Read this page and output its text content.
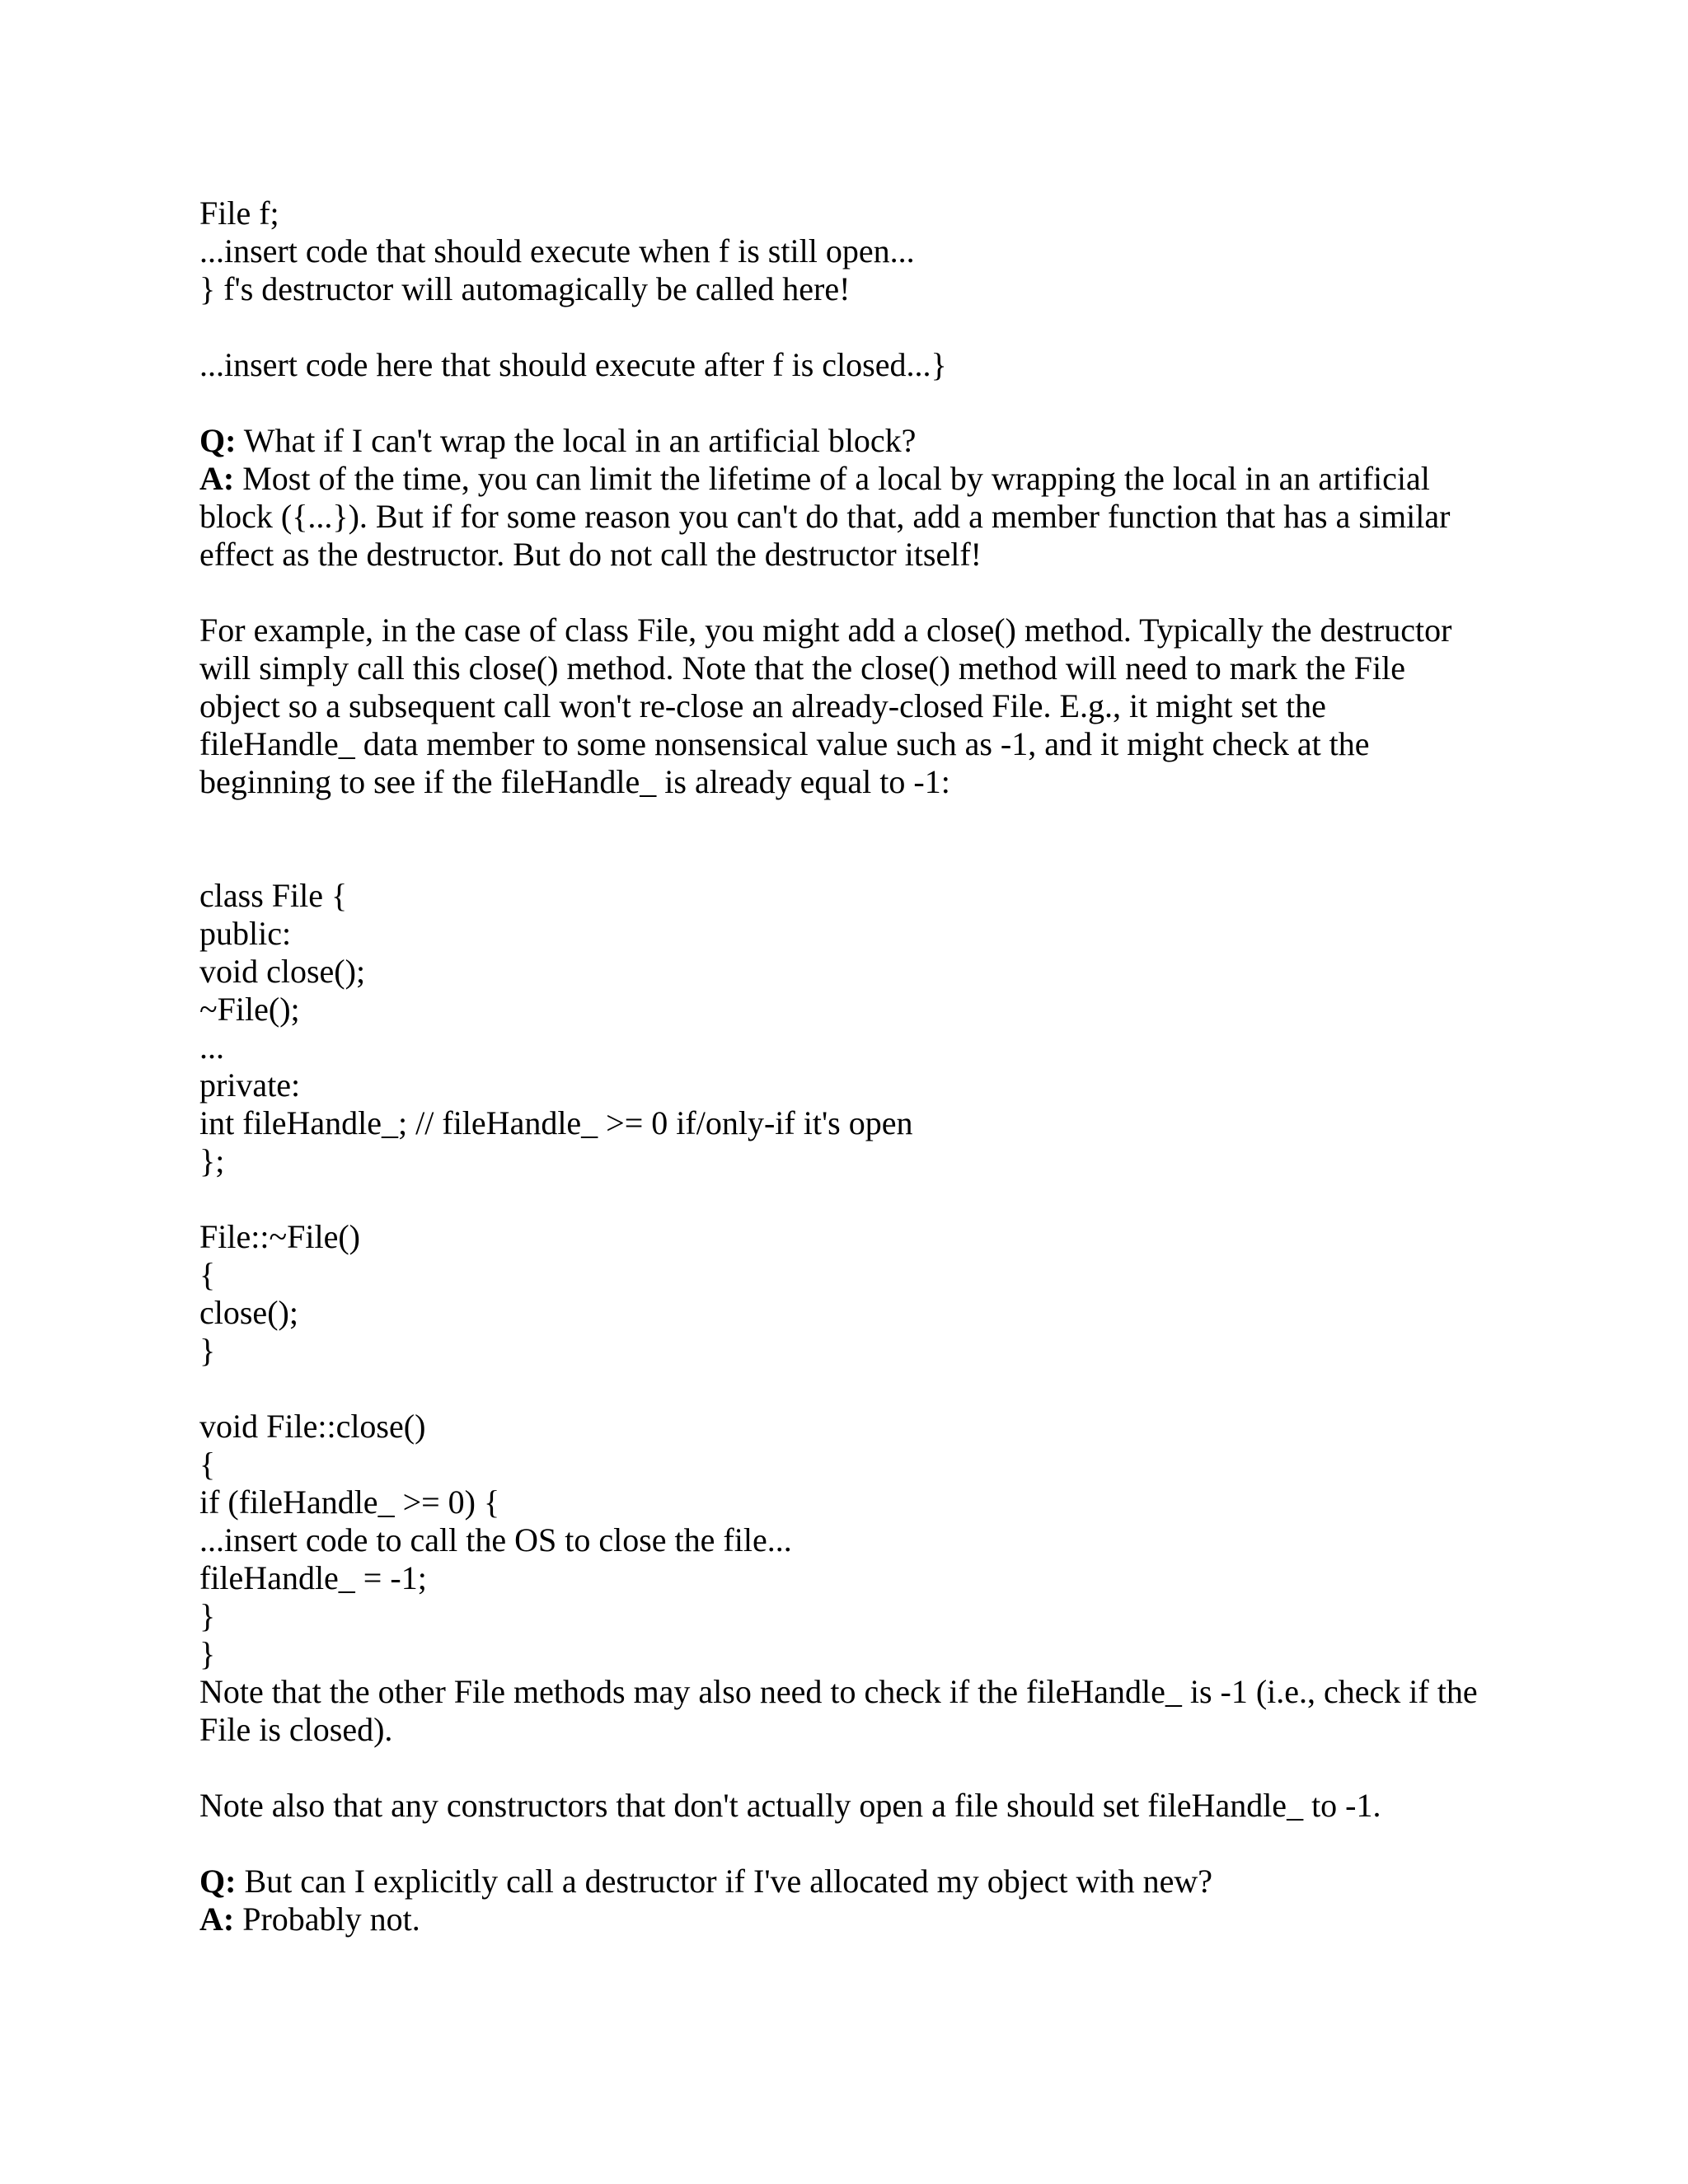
File f;
...insert code that should execute when f is still open...
} f's destructor will automagically be called here!
...insert code here that should execute after f is closed...}
Q: What if I can't wrap the local in an artificial block?
A: Most of the time, you can limit the lifetime of a local by wrapping the local in an artificial
block ({...}). But if for some reason you can't do that, add a member function that has a similar
effect as the destructor. But do not call the destructor itself!
For example, in the case of class File, you might add a close() method. Typically the destructor
will simply call this close() method. Note that the close() method will need to mark the File
object so a subsequent call won't re-close an already-closed File. E.g., it might set the
fileHandle_ data member to some nonsensical value such as -1, and it might check at the
beginning to see if the fileHandle_ is already equal to -1:
class File {
public:
void close();
~File();
...
private:
int fileHandle_; // fileHandle_ >= 0 if/only-if it's open
};
File::~File()
{
close();
}
void File::close()
{
if (fileHandle_ >= 0) {
...insert code to call the OS to close the file...
fileHandle_ = -1;
}
}
Note that the other File methods may also need to check if the fileHandle_ is -1 (i.e., check if the
File is closed).
Note also that any constructors that don't actually open a file should set fileHandle_ to -1.
Q: But can I explicitly call a destructor if I've allocated my object with new?
A: Probably not.
